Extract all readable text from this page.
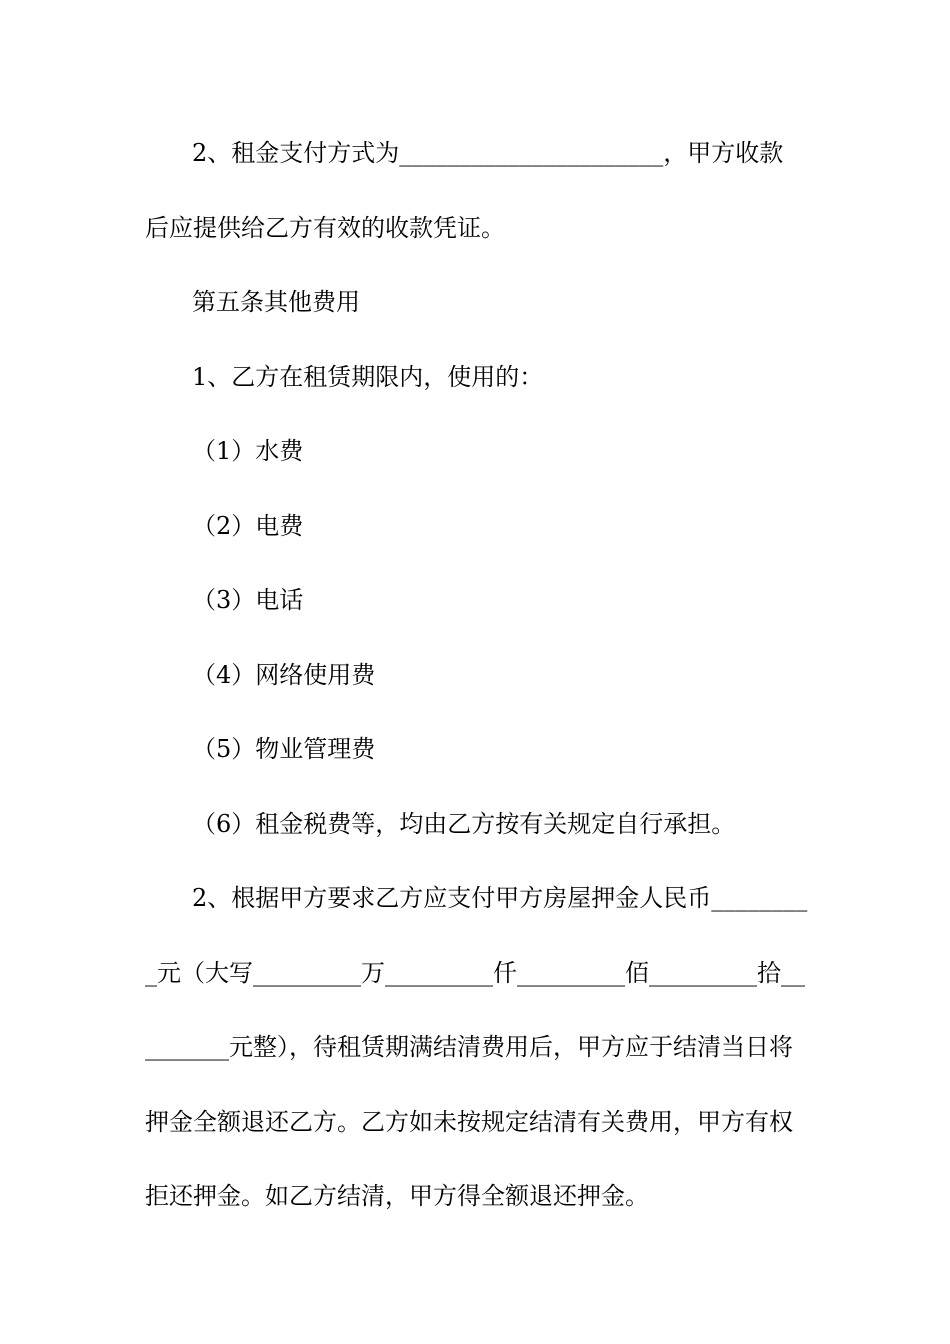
2、租金支付方式为______________________，甲方收款
后应提供给乙方有效的收款凭证。
第五条其他费用
1、乙方在租赁期限内，使用的：
（1）水费
（2）电费
（3）电话
（4）网络使用费
（5）物业管理费
（6）租金税费等，均由乙方按有关规定自行承担。
2、根据甲方要求乙方应支付甲方房屋押金人民币________
_元（大写_________万_________仟_________佰_________拾__
_______元整），待租赁期满结清费用后，甲方应于结清当日将
押金全额退还乙方。乙方如未按规定结清有关费用，甲方有权
拒还押金。如乙方结清，甲方得全额退还押金。
